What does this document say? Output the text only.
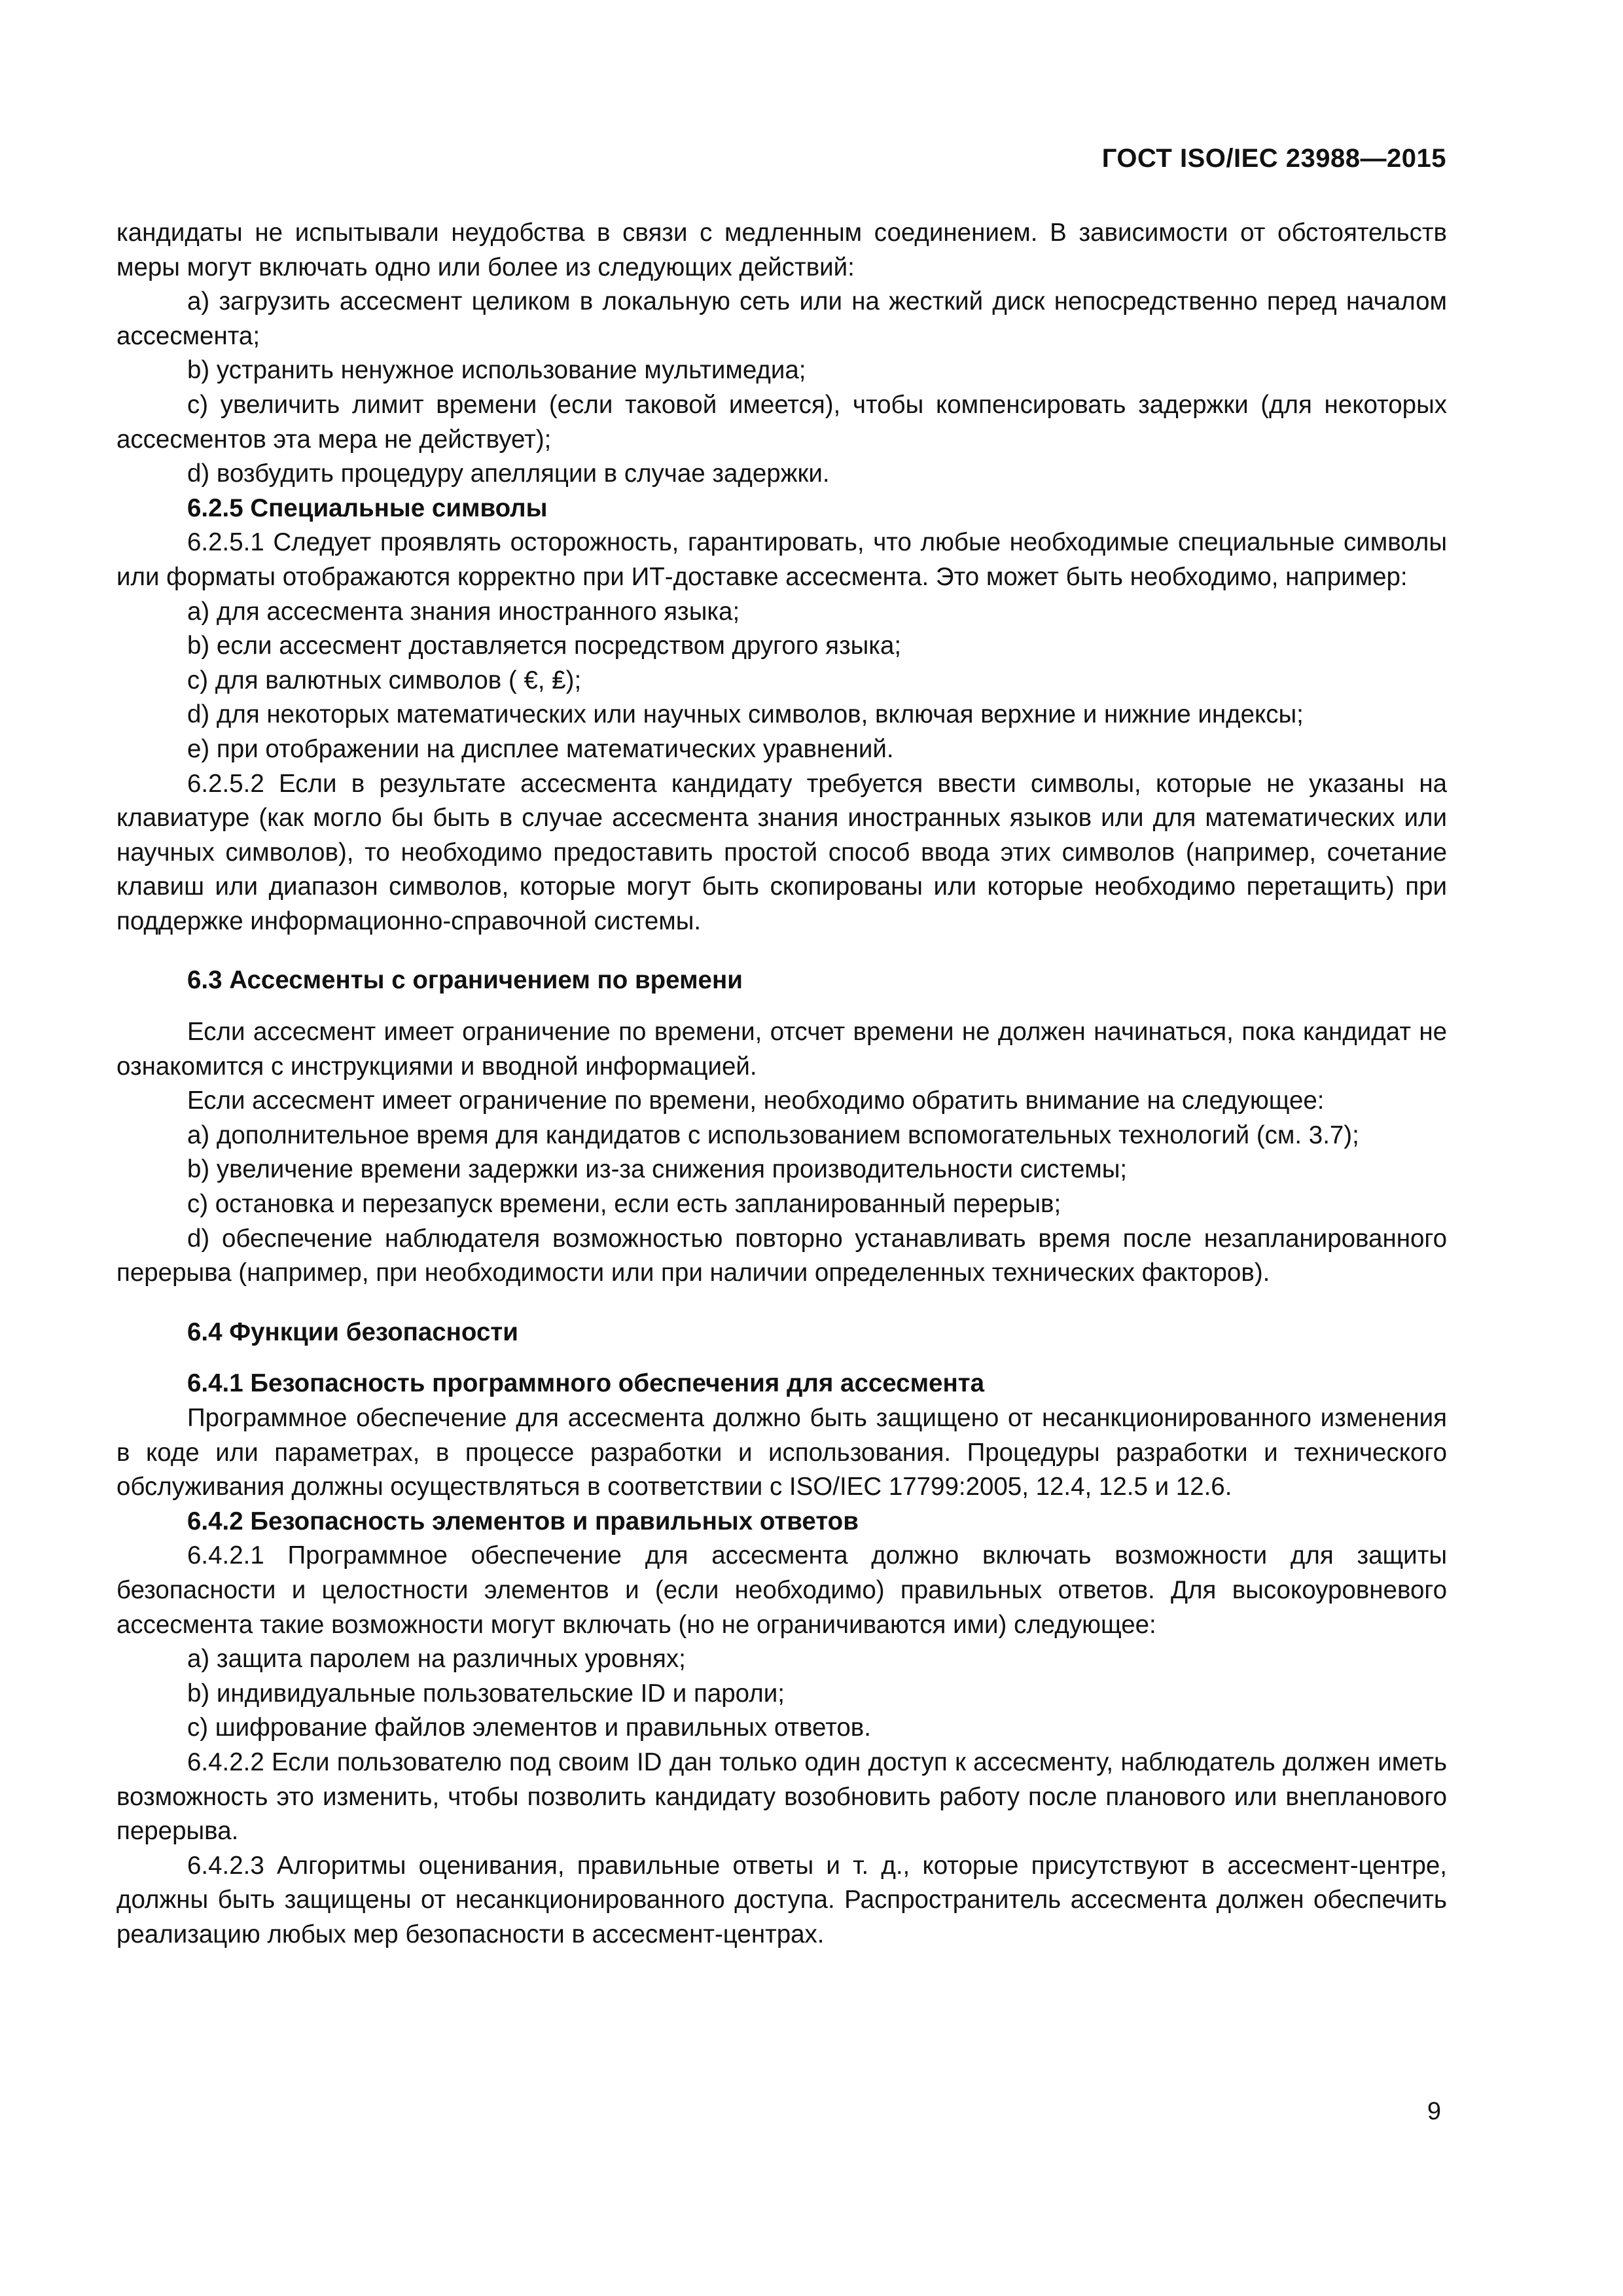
ГОСТ ISO/IEC 23988—2015

кандидаты не испытывали неудобства в связи с медленным соединением. В зависимости от обстоятельств меры могут включать одно или более из следующих действий:

a) загрузить ассесмент целиком в локальную сеть или на жесткий диск непосредственно перед началом ассесмента;

b) устранить ненужное использование мультимедиа;

c) увеличить лимит времени (если таковой имеется), чтобы компенсировать задержки (для некоторых ассесментов эта мера не действует);

d) возбудить процедуру апелляции в случае задержки.

6.2.5 Специальные символы

6.2.5.1 Следует проявлять осторожность, гарантировать, что любые необходимые специальные символы или форматы отображаются корректно при ИТ-доставке ассесмента. Это может быть необходимо, например:

a) для ассесмента знания иностранного языка;

b) если ассесмент доставляется посредством другого языка;

c) для валютных символов ( €, ₤);

d) для некоторых математических или научных символов, включая верхние и нижние индексы;

e) при отображении на дисплее математических уравнений.

6.2.5.2 Если в результате ассесмента кандидату требуется ввести символы, которые не указаны на клавиатуре (как могло бы быть в случае ассесмента знания иностранных языков или для математических или научных символов), то необходимо предоставить простой способ ввода этих символов (например, сочетание клавиш или диапазон символов, которые могут быть скопированы или которые необходимо перетащить) при поддержке информационно-справочной системы.

6.3 Ассесменты с ограничением по времени

Если ассесмент имеет ограничение по времени, отсчет времени не должен начинаться, пока кандидат не ознакомится с инструкциями и вводной информацией.

Если ассесмент имеет ограничение по времени, необходимо обратить внимание на следующее:

a) дополнительное время для кандидатов с использованием вспомогательных технологий (см. 3.7);

b) увеличение времени задержки из-за снижения производительности системы;

c) остановка и перезапуск времени, если есть запланированный перерыв;

d) обеспечение наблюдателя возможностью повторно устанавливать время после незапланированного перерыва (например, при необходимости или при наличии определенных технических факторов).

6.4 Функции безопасности

6.4.1 Безопасность программного обеспечения для ассесмента

Программное обеспечение для ассесмента должно быть защищено от несанкционированного изменения в коде или параметрах, в процессе разработки и использования. Процедуры разработки и технического обслуживания должны осуществляться в соответствии с ISO/IEC 17799:2005, 12.4, 12.5 и 12.6.

6.4.2 Безопасность элементов и правильных ответов

6.4.2.1 Программное обеспечение для ассесмента должно включать возможности для защиты безопасности и целостности элементов и (если необходимо) правильных ответов. Для высокоуровневого ассесмента такие возможности могут включать (но не ограничиваются ими) следующее:

a) защита паролем на различных уровнях;

b) индивидуальные пользовательские ID и пароли;

c) шифрование файлов элементов и правильных ответов.

6.4.2.2 Если пользователю под своим ID дан только один доступ к ассесменту, наблюдатель должен иметь возможность это изменить, чтобы позволить кандидату возобновить работу после планового или внепланового перерыва.

6.4.2.3 Алгоритмы оценивания, правильные ответы и т. д., которые присутствуют в ассесмент-центре, должны быть защищены от несанкционированного доступа. Распространитель ассесмента должен обеспечить реализацию любых мер безопасности в ассесмент-центрах.

9
